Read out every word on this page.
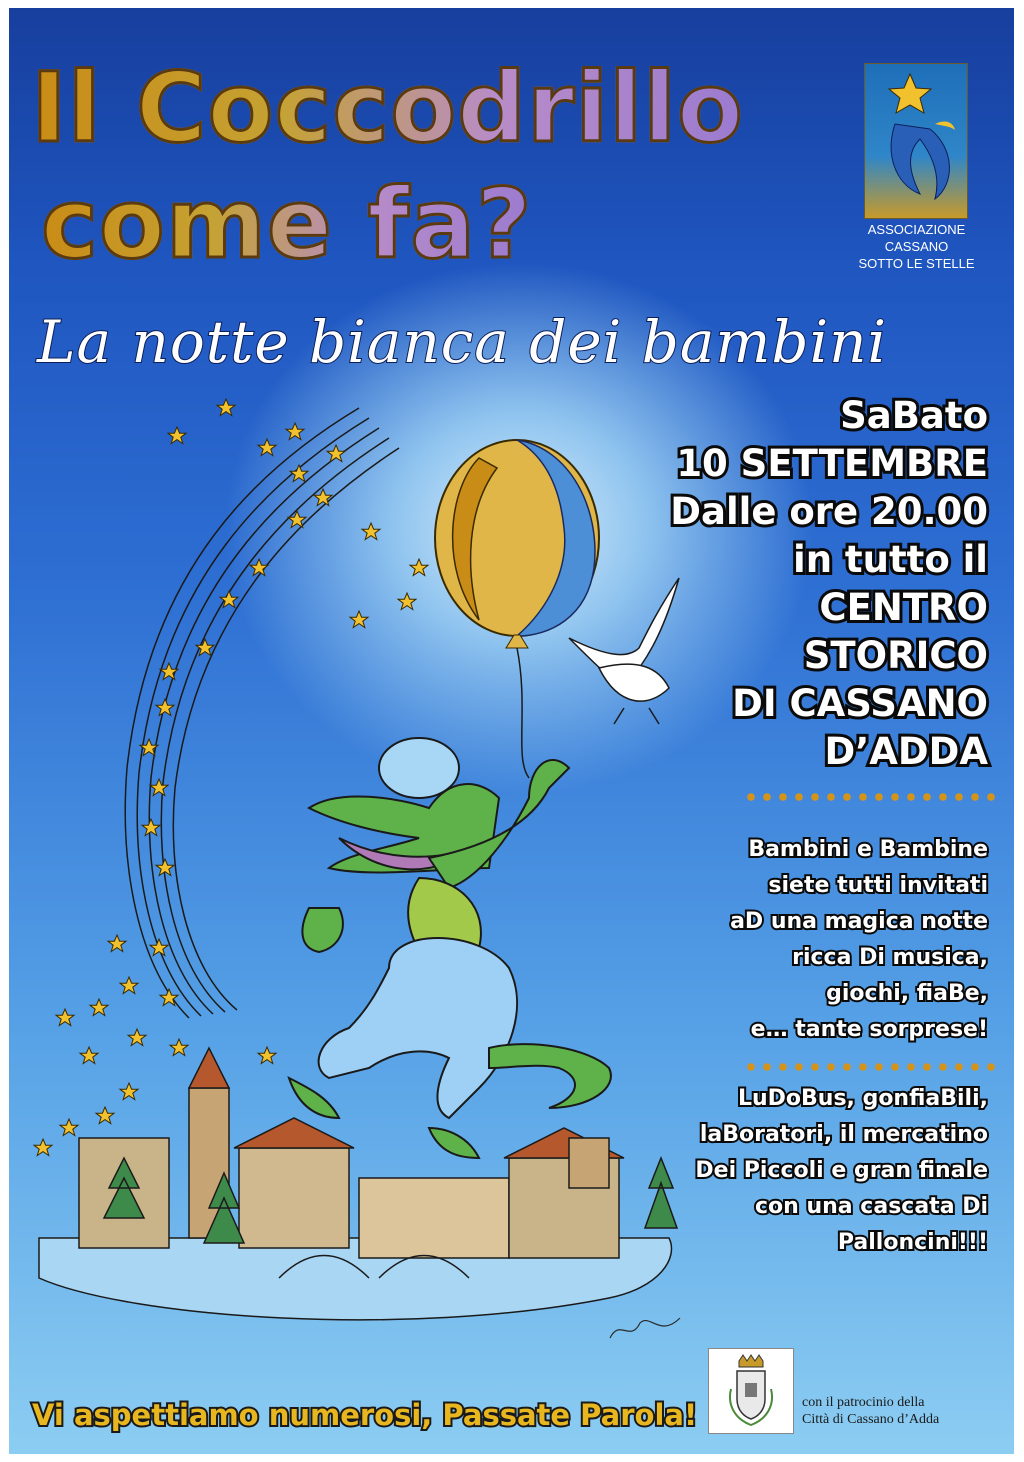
Il Coccodrillo
come fa?
La notte bianca dei bambini
ASSOCIAZIONE
CASSANO
SOTTO LE STELLE
SaBato
10 SETTEMBRE
Dalle ore 20.00
in tutto il
CENTRO
STORICO
DI CASSANO
D’ADDA
Bambini e Bambine
siete tutti invitati
aD una magica notte
ricca Di musica,
giochi, fiaBe,
e… tante sorprese!
LuDoBus, gonfiaBili,
laBoratori, il mercatino
Dei Piccoli e gran finale
con una cascata Di
Palloncini!!!
Vi aspettiamo numerosi, Passate Parola!	con il patrocinio della
Città di Cassano d’Adda
